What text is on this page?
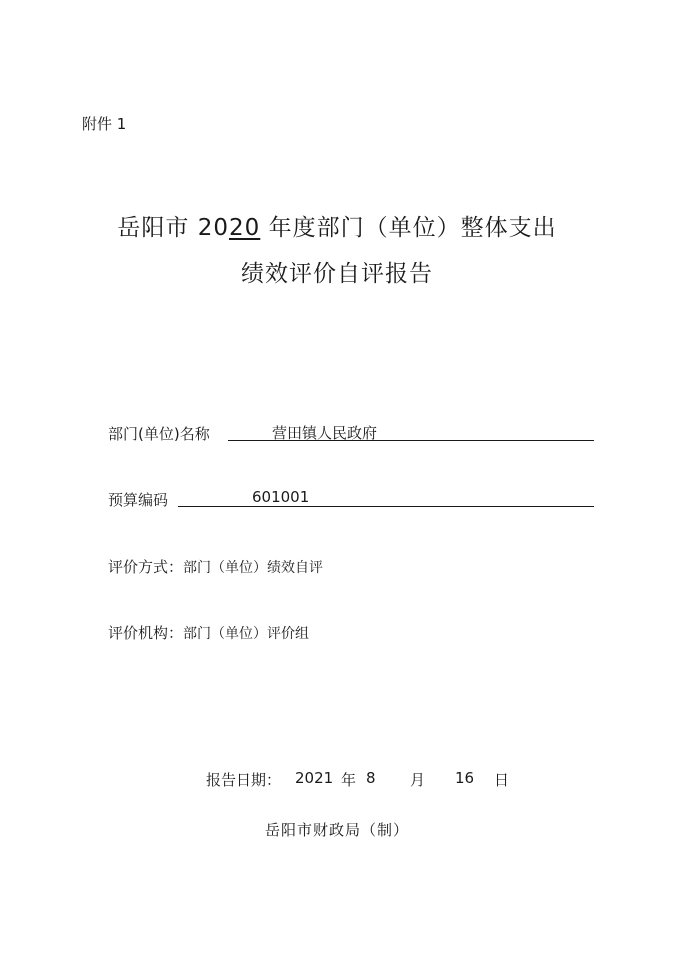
附件 1
岳阳市 2020 年度部门（单位）整体支出
绩效评价自评报告
部门(单位)名称	营田镇人民政府
预算编码	601001
评价方式：部门（单位）绩效自评
评价机构：部门（单位）评价组
报告日期： 2021 年 8 月 16 日
岳阳市财政局（制）
